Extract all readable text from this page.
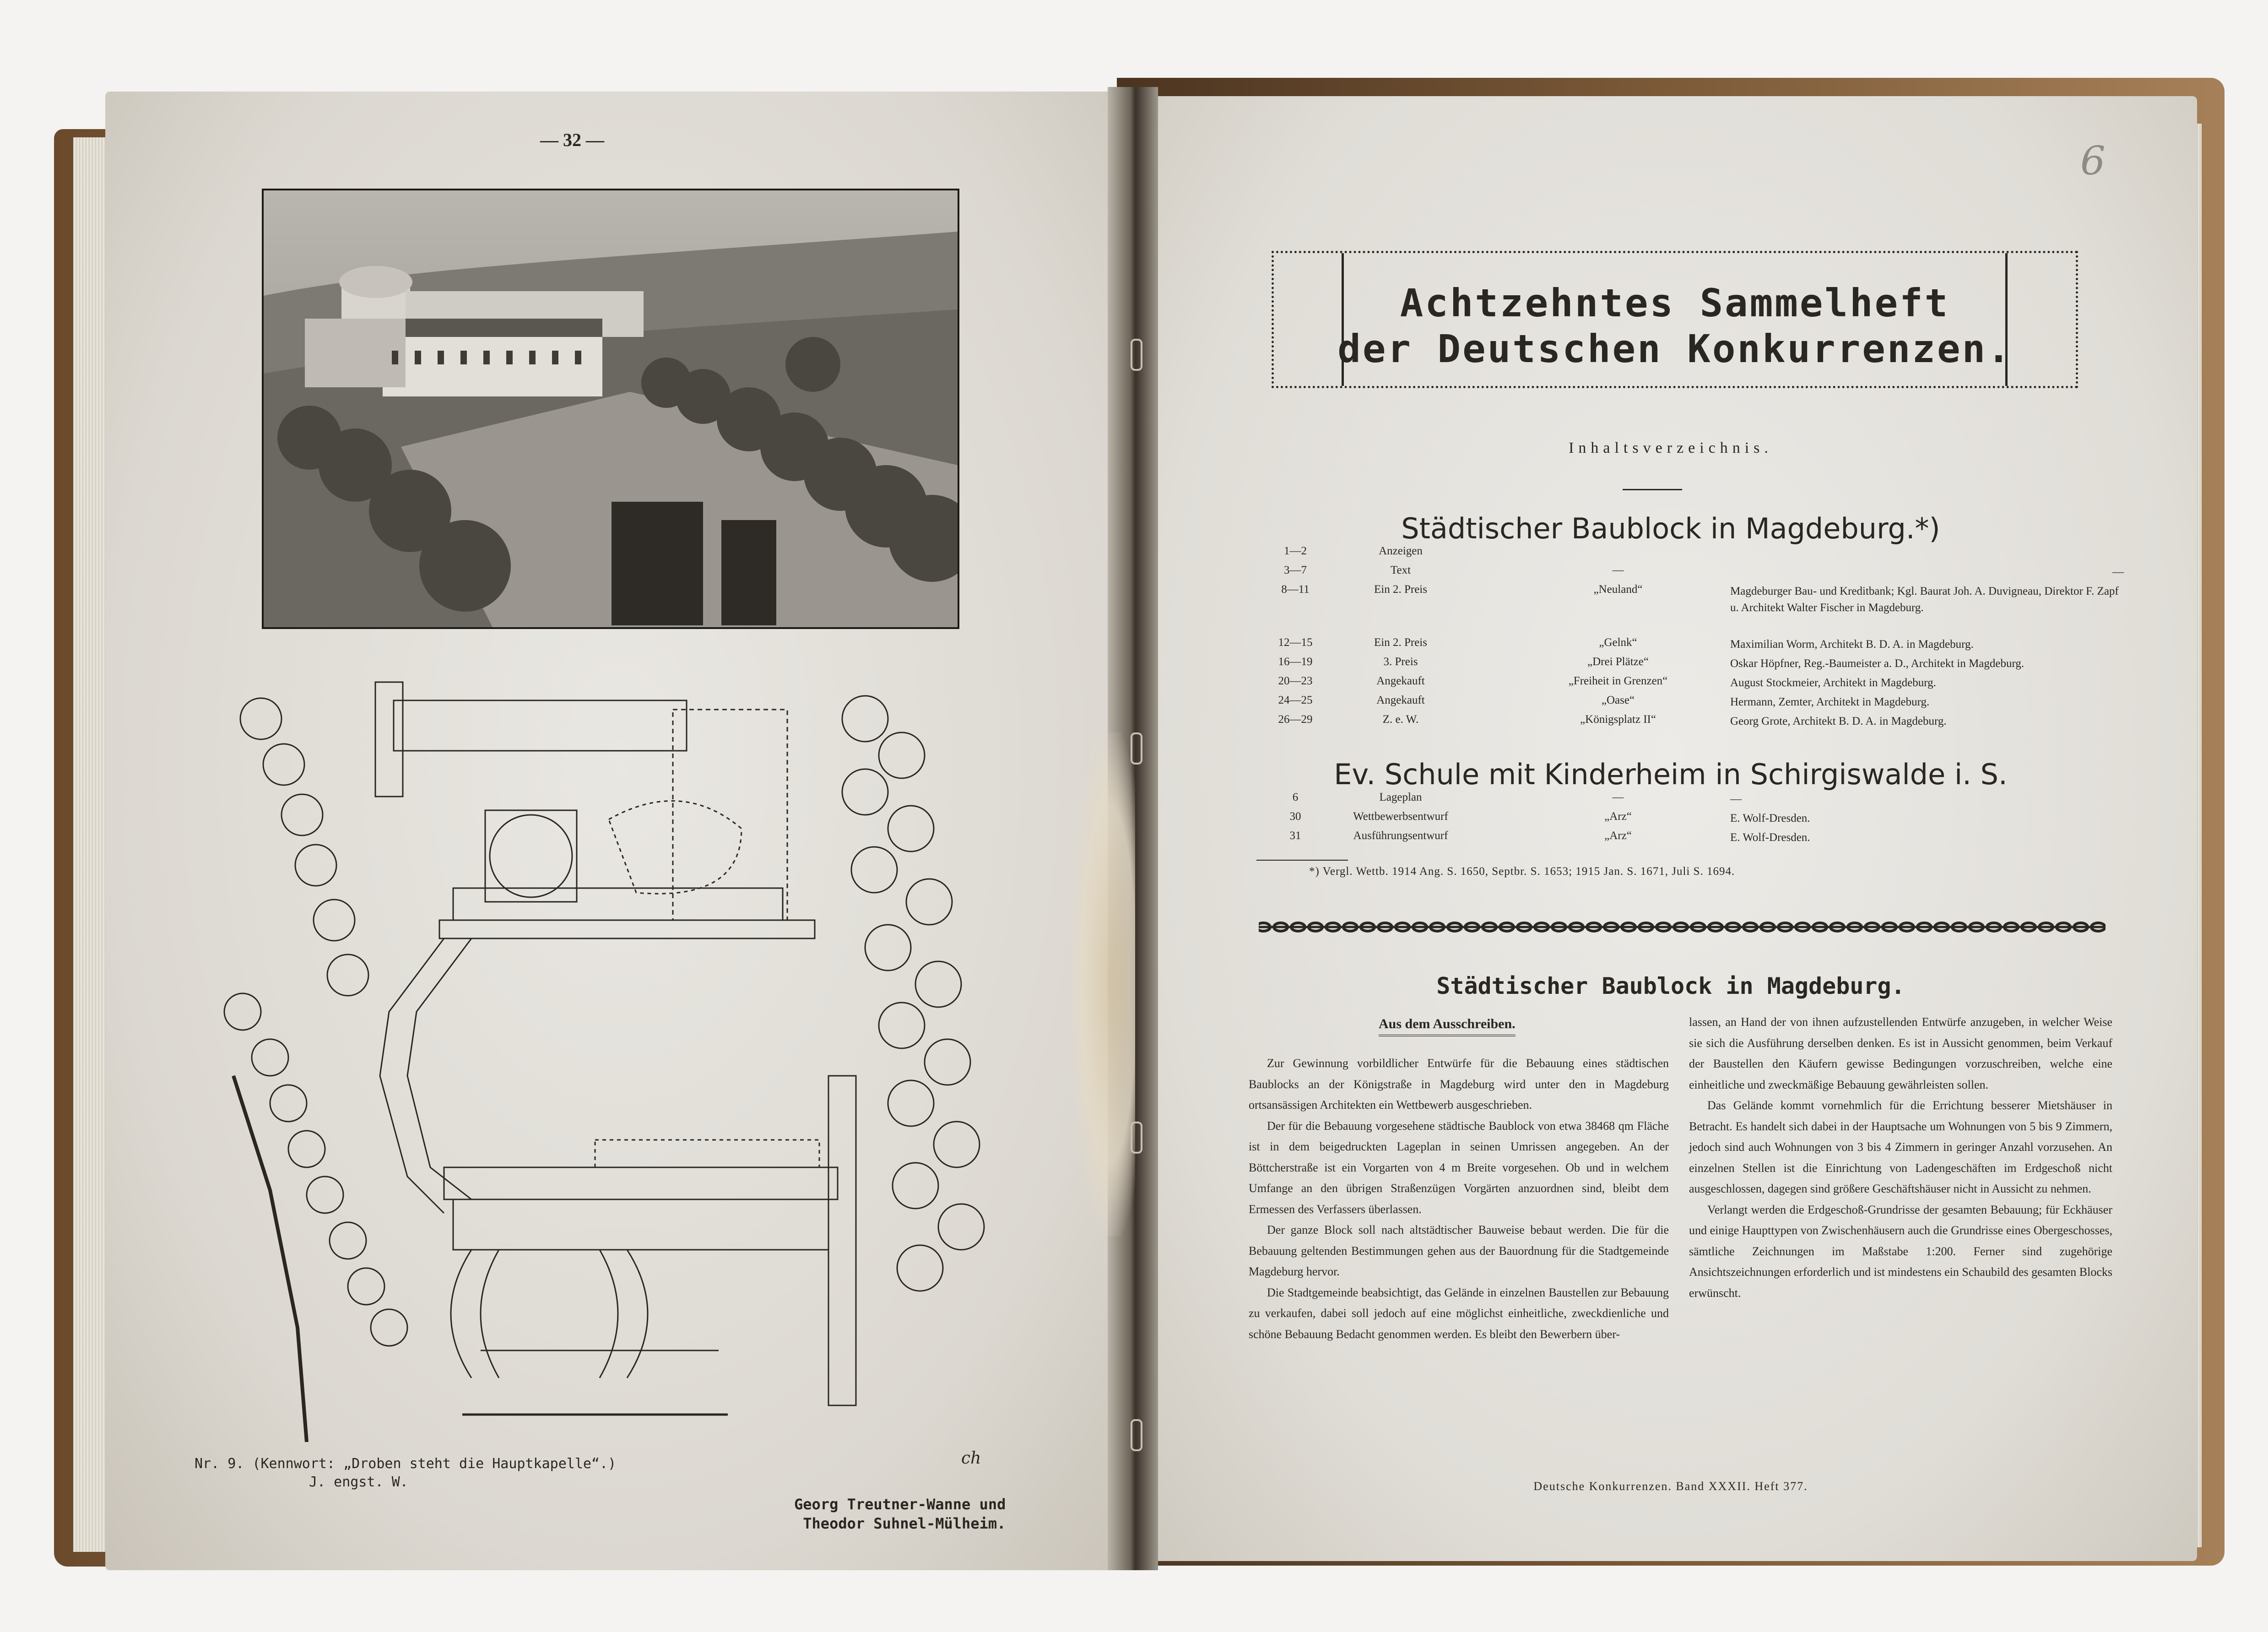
— 32 —
Nr. 9. (Kennwort: „Droben steht die Hauptkapelle“.)

J. engst. W.
ch
Georg Treutner-Wanne und
Theodor Suhnel-Mülheim.
6
Achtzehntes Sammelheft
der Deutschen Konkurrenzen.
Inhaltsverzeichnis.
Städtischer Baublock in Magdeburg.*)
1—2	Anzeigen
3—7	Text	—	—
8—11	Ein 2. Preis	„Neuland“	Magdeburger Bau- und Kreditbank; Kgl. Baurat Joh. A. Duvigneau, Direktor F. Zapf u. Architekt Walter Fischer in Magdeburg.
12—15	Ein 2. Preis	„Gelnk“	Maximilian Worm, Architekt B. D. A. in Magdeburg.
16—19	3. Preis	„Drei Plätze“	Oskar Höpfner, Reg.-Baumeister a. D., Architekt in Magdeburg.
20—23	Angekauft	„Freiheit in Grenzen“	August Stockmeier, Architekt in Magdeburg.
24—25	Angekauft	„Oase“	Hermann, Zemter, Architekt in Magdeburg.
26—29	Z. e. W.	„Königsplatz II“	Georg Grote, Architekt B. D. A. in Magdeburg.
Ev. Schule mit Kinderheim in Schirgiswalde i. S.
6	Lageplan	—	—
30	Wettbewerbsentwurf	„Arz“	E. Wolf-Dresden.
31	Ausführungsentwurf	„Arz“	E. Wolf-Dresden.
*) Vergl. Wettb. 1914 Ang. S. 1650, Septbr. S. 1653; 1915 Jan. S. 1671, Juli S. 1694.
Städtischer Baublock in Magdeburg.
Aus dem Ausschreiben.

Zur Gewinnung vorbildlicher Entwürfe für die Bebauung eines städtischen Baublocks an der Königstraße in Magdeburg wird unter den in Magdeburg ortsansässigen Architekten ein Wettbewerb ausgeschrieben.

Der für die Bebauung vorgesehene städtische Baublock von etwa 38468 qm Fläche ist in dem beigedruckten Lageplan in seinen Umrissen angegeben. An der Böttcherstraße ist ein Vorgarten von 4 m Breite vorgesehen. Ob und in welchem Umfange an den übrigen Straßenzügen Vorgärten anzuordnen sind, bleibt dem Ermessen des Verfassers überlassen.

Der ganze Block soll nach altstädtischer Bauweise bebaut werden. Die für die Bebauung geltenden Bestimmungen gehen aus der Bauordnung für die Stadtgemeinde Magdeburg hervor.

Die Stadtgemeinde beabsichtigt, das Gelände in einzelnen Baustellen zur Bebauung zu verkaufen, dabei soll jedoch auf eine möglichst einheitliche, zweckdienliche und schöne Bebauung Bedacht genommen werden. Es bleibt den Bewerbern über-

lassen, an Hand der von ihnen aufzustellenden Entwürfe anzugeben, in welcher Weise sie sich die Ausführung derselben denken. Es ist in Aussicht genommen, beim Verkauf der Baustellen den Käufern gewisse Bedingungen vorzuschreiben, welche eine einheitliche und zweckmäßige Bebauung gewährleisten sollen.

Das Gelände kommt vornehmlich für die Errichtung besserer Mietshäuser in Betracht. Es handelt sich dabei in der Hauptsache um Wohnungen von 5 bis 9 Zimmern, jedoch sind auch Wohnungen von 3 bis 4 Zimmern in geringer Anzahl vorzusehen. An einzelnen Stellen ist die Einrichtung von Ladengeschäften im Erdgeschoß nicht ausgeschlossen, dagegen sind größere Geschäftshäuser nicht in Aussicht zu nehmen.

Verlangt werden die Erdgeschoß-Grundrisse der gesamten Bebauung; für Eckhäuser und einige Haupttypen von Zwischenhäusern auch die Grundrisse eines Obergeschosses, sämtliche Zeichnungen im Maßstabe 1:200. Ferner sind zugehörige Ansichtszeichnungen erforderlich und ist mindestens ein Schaubild des gesamten Blocks erwünscht.

Deutsche Konkurrenzen. Band XXXII. Heft 377.
